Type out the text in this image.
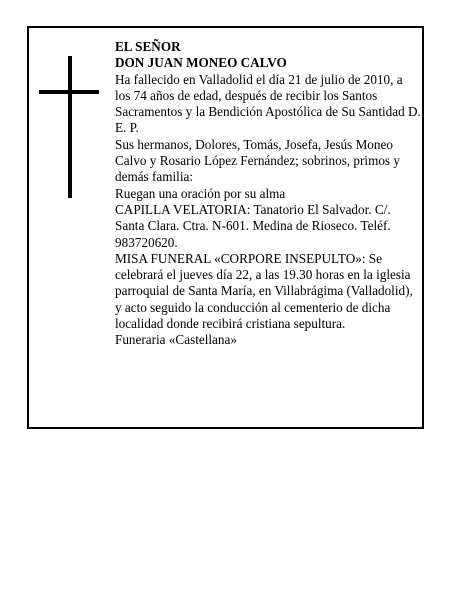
EL SEÑOR

DON JUAN MONEO CALVO

Ha fallecido en Valladolid el día 21 de julio de 2010, a los 74 años de edad, después de recibir los Santos Sacramentos y la Bendición Apostólica de Su Santidad D. E. P.

Sus hermanos, Dolores, Tomás, Josefa, Jesús Moneo Calvo y Rosario López Fernández; sobrinos, primos y demás familia:

Ruegan una oración por su alma

CAPILLA VELATORIA: Tanatorio El Salvador. C/. Santa Clara. Ctra. N-601. Medina de Rioseco. Teléf. 983720620.

MISA FUNERAL «CORPORE INSEPULTO»: Se celebrará el jueves día 22, a las 19.30 horas en la iglesia parroquial de Santa María, en Villabrágima (Valladolid), y acto seguido la conducción al cementerio de dicha localidad donde recibirá cristiana sepultura.

Funeraria «Castellana»
